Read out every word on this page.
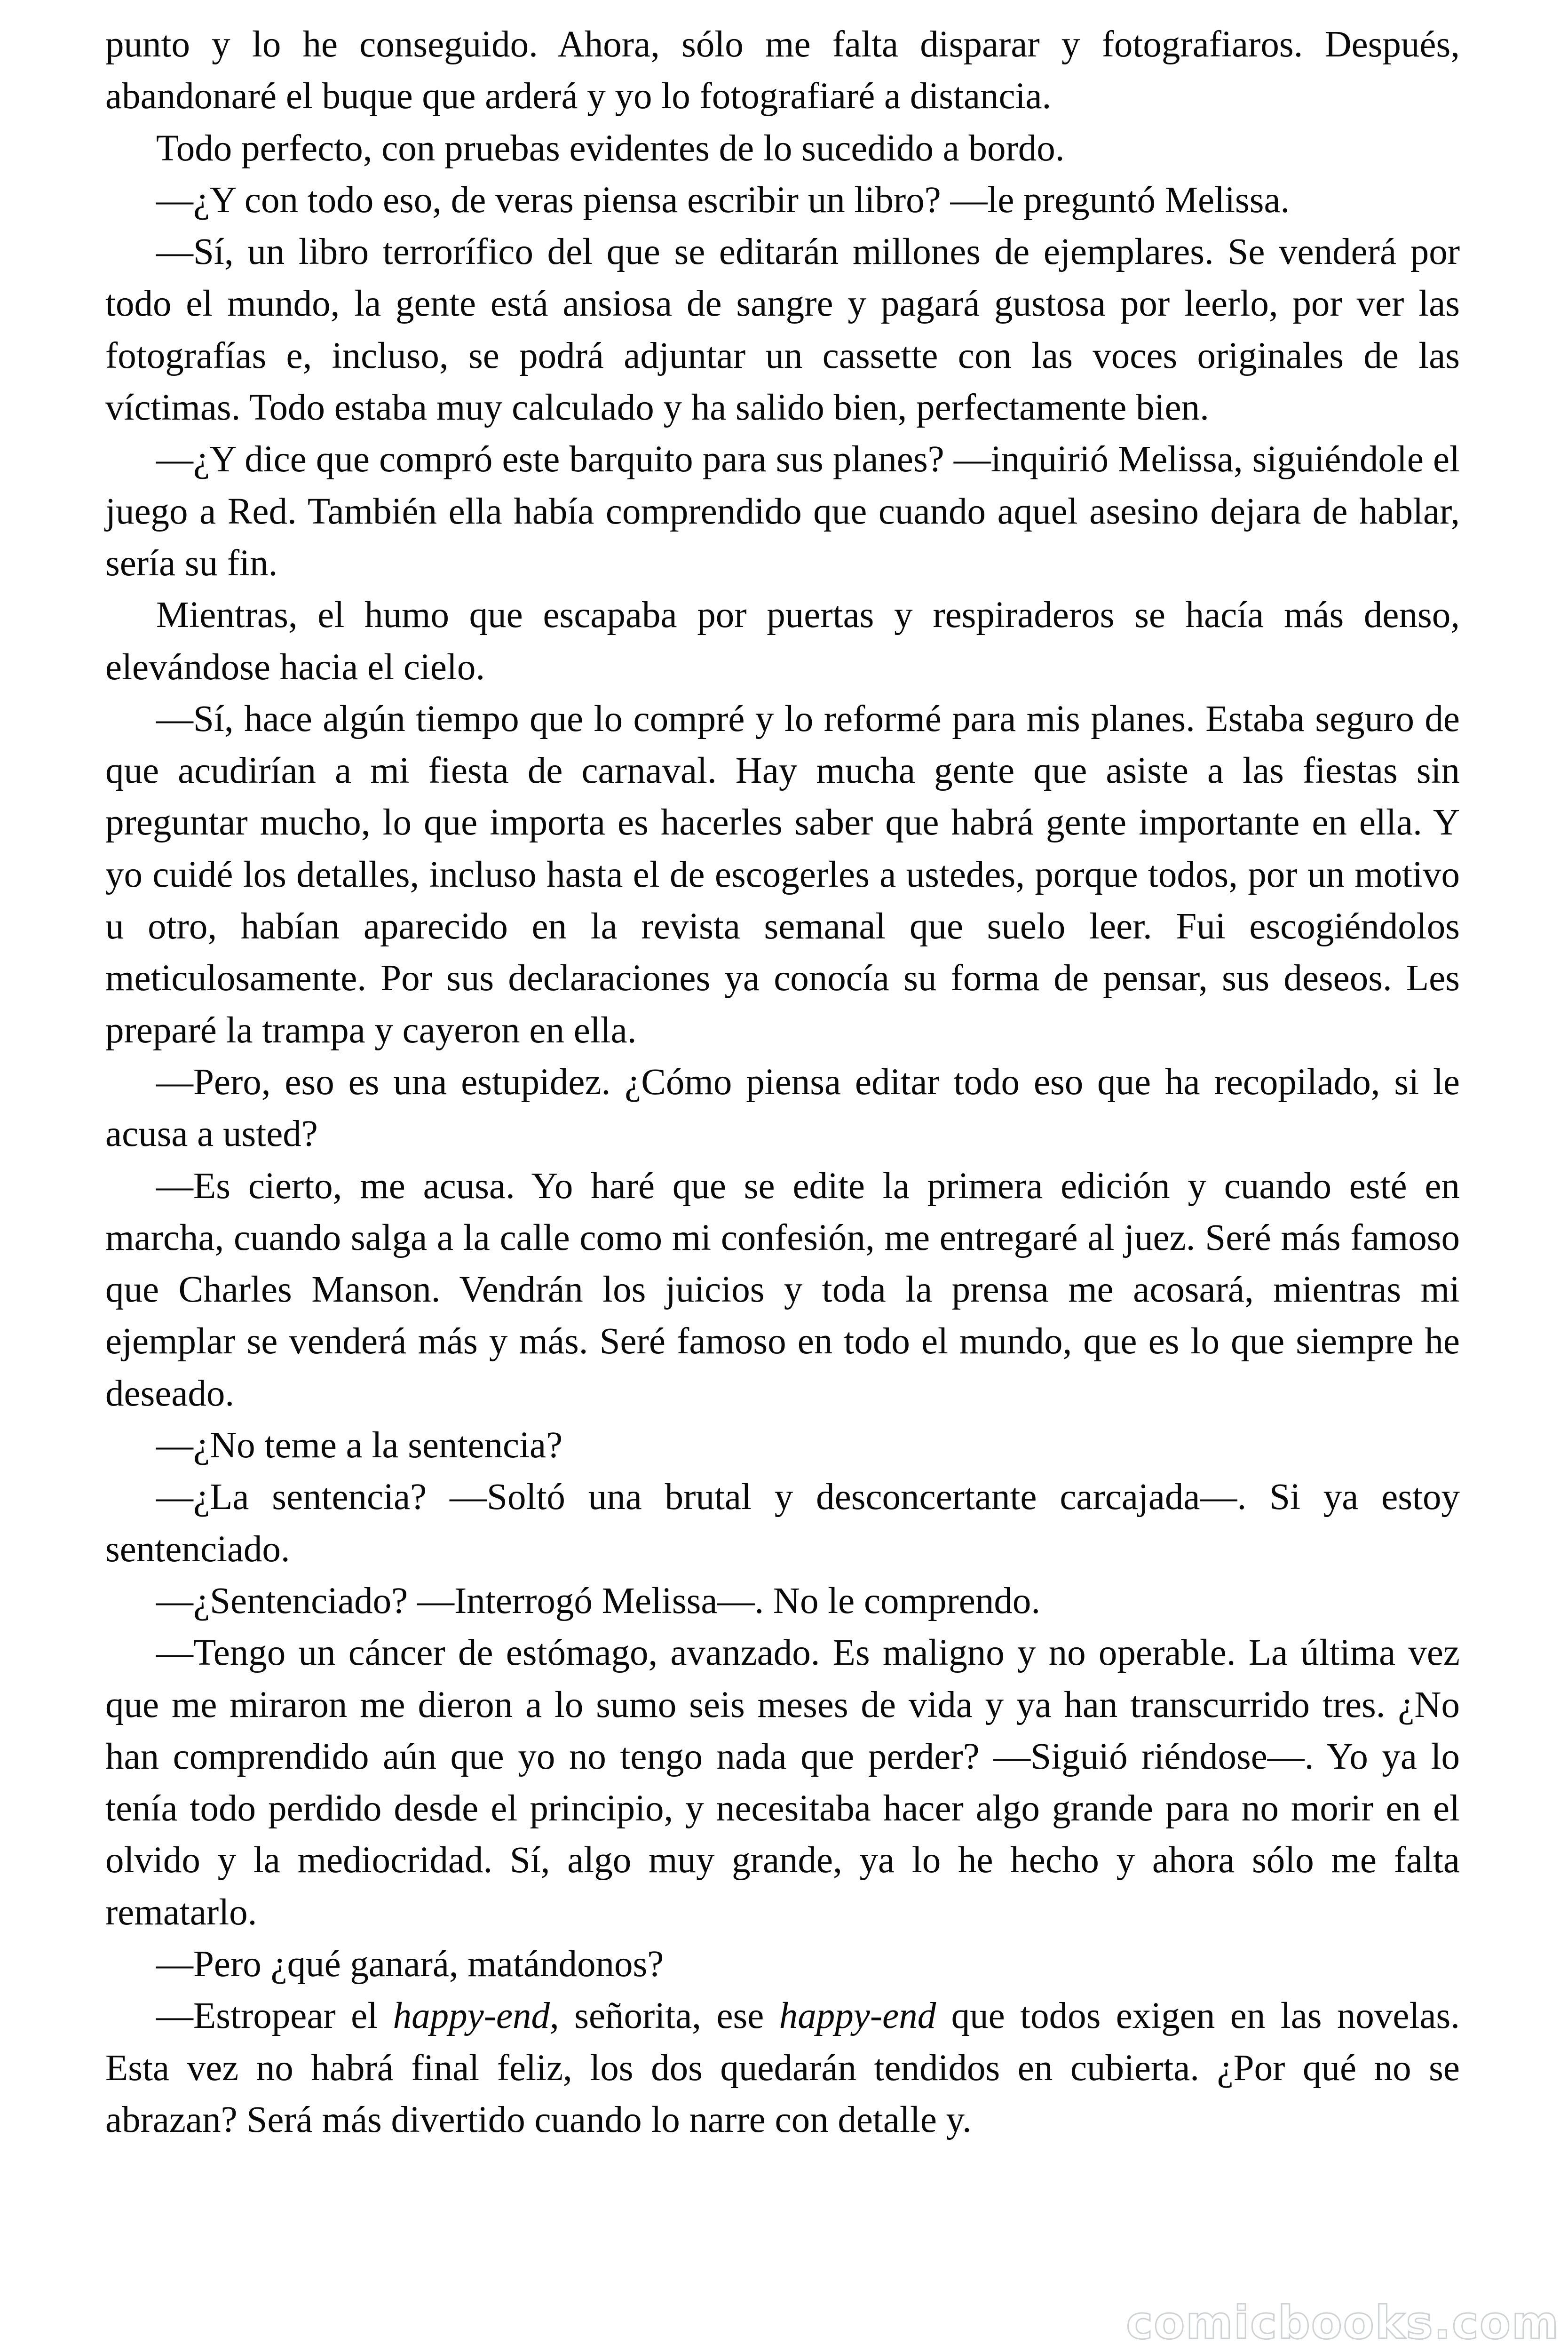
punto y lo he conseguido. Ahora, sólo me falta disparar y fotografiaros. Después, abandonaré el buque que arderá y yo lo fotografiaré a distancia.

Todo perfecto, con pruebas evidentes de lo sucedido a bordo.

—¿Y con todo eso, de veras piensa escribir un libro? —le preguntó Melissa.

—Sí, un libro terrorífico del que se editarán millones de ejemplares. Se venderá por todo el mundo, la gente está ansiosa de sangre y pagará gustosa por leerlo, por ver las fotografías e, incluso, se podrá adjuntar un cassette con las voces originales de las víctimas. Todo estaba muy calculado y ha salido bien, perfectamente bien.

—¿Y dice que compró este barquito para sus planes? —inquirió Melissa, siguiéndole el juego a Red. También ella había comprendido que cuando aquel asesino dejara de hablar, sería su fin.

Mientras, el humo que escapaba por puertas y respiraderos se hacía más denso, elevándose hacia el cielo.

—Sí, hace algún tiempo que lo compré y lo reformé para mis planes. Estaba seguro de que acudirían a mi fiesta de carnaval. Hay mucha gente que asiste a las fiestas sin preguntar mucho, lo que importa es hacerles saber que habrá gente importante en ella. Y yo cuidé los detalles, incluso hasta el de escogerles a ustedes, porque todos, por un motivo u otro, habían aparecido en la revista semanal que suelo leer. Fui escogiéndolos meticulosamente. Por sus declaraciones ya conocía su forma de pensar, sus deseos. Les preparé la trampa y cayeron en ella.

—Pero, eso es una estupidez. ¿Cómo piensa editar todo eso que ha recopilado, si le acusa a usted?

—Es cierto, me acusa. Yo haré que se edite la primera edición y cuando esté en marcha, cuando salga a la calle como mi confesión, me entregaré al juez. Seré más famoso que Charles Manson. Vendrán los juicios y toda la prensa me acosará, mientras mi ejemplar se venderá más y más. Seré famoso en todo el mundo, que es lo que siempre he deseado.

—¿No teme a la sentencia?

—¿La sentencia? —Soltó una brutal y desconcertante carcajada—. Si ya estoy sentenciado.

—¿Sentenciado? —Interrogó Melissa—. No le comprendo.

—Tengo un cáncer de estómago, avanzado. Es maligno y no operable. La última vez que me miraron me dieron a lo sumo seis meses de vida y ya han transcurrido tres. ¿No han comprendido aún que yo no tengo nada que perder? —Siguió riéndose—. Yo ya lo tenía todo perdido desde el principio, y necesitaba hacer algo grande para no morir en el olvido y la mediocridad. Sí, algo muy grande, ya lo he hecho y ahora sólo me falta rematarlo.

—Pero ¿qué ganará, matándonos?

—Estropear el happy-end, señorita, ese happy-end que todos exigen en las novelas. Esta vez no habrá final feliz, los dos quedarán tendidos en cubierta. ¿Por qué no se abrazan? Será más divertido cuando lo narre con detalle y.

comicbooks.com
